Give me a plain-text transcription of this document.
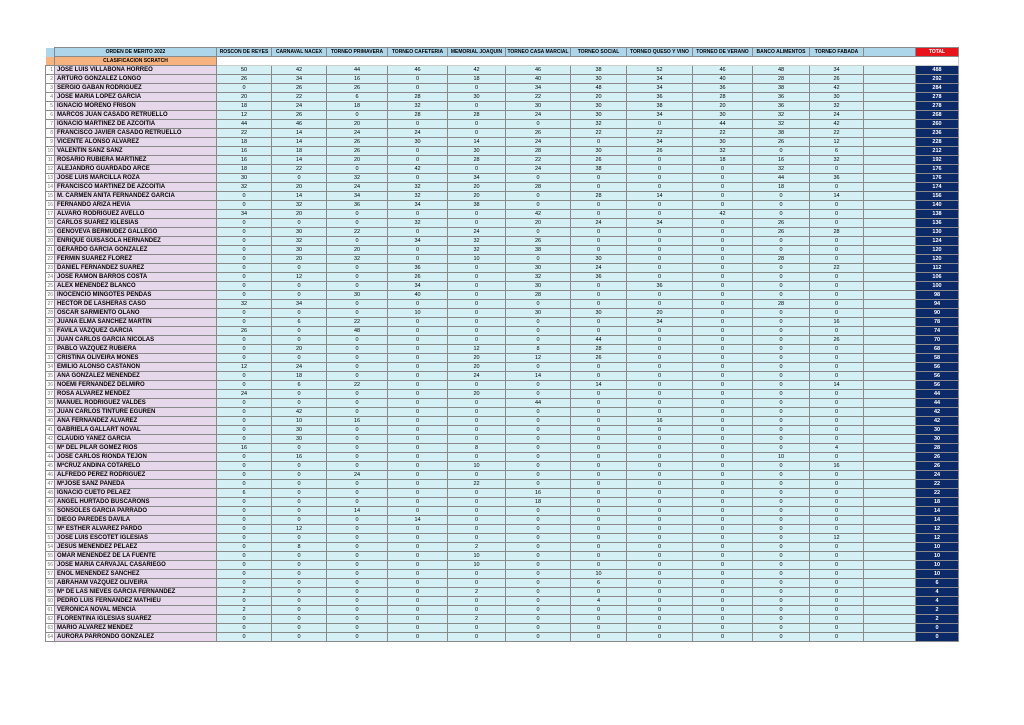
	ORDEN DE MERITO 2022	ROSCON DE REYES	CARNAVAL NACEX	TORNEO PRIMAVERA	TORNEO CAFETERIA	MEMORIAL JOAQUIN	TORNEO CASA MARCIAL	TORNEO SOCIAL	TORNEO QUESO Y VINO	TORNEO DE VERANO	BANCO ALIMENTOS	TORNEO FABADA		TOTAL
	CLASIFICACION SCRATCH													
1	JOSE LUIS VILLABONA HORREO	50	42	44	46	42	46	38	52	46	48	34		488
2	ARTURO GONZALEZ LONGO	26	34	16	0	18	40	30	34	40	28	26		292
3	SERGIO GABAN RODRIGUEZ	0	26	26	0	0	34	48	34	36	38	42		284
4	JOSE MARIA LOPEZ GARCIA	20	22	6	28	30	22	20	36	28	36	30		278
5	IGNACIO MORENO FRISON	18	24	18	32	0	30	30	38	20	36	32		278
6	MARCOS JUAN CASADO RETRUELLO	12	26	0	28	28	24	30	34	30	32	24		268
7	IGNACIO MARTINEZ DE AZCOITIA	44	46	20	0	0	0	32	0	44	32	42		260
8	FRANCISCO JAVIER CASADO RETRUELLO	22	14	24	24	0	26	22	22	22	38	22		236
9	VICENTE ALONSO ALVAREZ	18	14	26	30	14	24	0	34	30	26	12		228
10	VALENTIN SANZ SANZ	16	18	26	0	30	28	30	26	32	0	6		212
11	ROSARIO RUBIERA MARTINEZ	16	14	20	0	28	22	26	0	18	16	32		192
12	ALEJANDRO GUARDADO ARCE	18	22	0	42	0	24	38	0	0	32	0		176
13	JOSE LUIS MARCILLA ROZA	30	0	32	0	34	0	0	0	0	44	36		176
14	FRANCISCO MARTINEZ DE AZCOITIA	32	20	24	32	20	28	0	0	0	18	0		174
15	M. CARMEN ANITA FERNANDEZ GARCIA	0	14	34	32	20	0	28	14	0	0	14		156
16	FERNANDO ARIZA HEVIA	0	32	36	34	38	0	0	0	0	0	0		140
17	ALVARO RODRIGUEZ AVELLO	34	20	0	0	0	42	0	0	42	0	0		138
18	CARLOS SUAREZ IGLESIAS	0	0	0	32	0	20	24	34	0	26	0		136
19	GENOVEVA BERMUDEZ GALLEGO	0	30	22	0	24	0	0	0	0	26	28		130
20	ENRIQUE GUISASOLA HERNANDEZ	0	32	0	34	32	26	0	0	0	0	0		124
21	GERARDO GARCIA GONZALEZ	0	30	20	0	32	38	0	0	0	0	0		120
22	FERMIN SUAREZ FLOREZ	0	20	32	0	10	0	30	0	0	28	0		120
23	DANIEL FERNANDEZ SUAREZ	0	0	0	36	0	30	24	0	0	0	22		112
24	JOSE RAMON BARROS COSTA	0	12	0	26	0	32	36	0	0	0	0		106
25	ALEX MENENDEZ BLANCO	0	0	0	34	0	30	0	36	0	0	0		100
26	INOCENCIO MINGOTES PENDAS	0	0	30	40	0	28	0	0	0	0	0		98
27	HECTOR DE LASHERAS CASO	32	34	0	0	0	0	0	0	0	28	0		94
28	OSCAR SARMIENTO OLANO	0	0	0	10	0	30	30	20	0	0	0		90
29	JUANA ELMA SANCHEZ MARTIN	0	6	22	0	0	0	0	34	0	0	16		78
30	FAVILA VAZQUEZ GARCIA	26	0	48	0	0	0	0	0	0	0	0		74
31	JUAN CARLOS GARCIA NICOLAS	0	0	0	0	0	0	44	0	0	0	26		70
32	PABLO VAZQUEZ RUBIERA	0	20	0	0	12	8	28	0	0	0	0		68
33	CRISTINA OLIVEIRA MONES	0	0	0	0	20	12	26	0	0	0	0		58
34	EMILIO ALONSO CASTAÑON	12	24	0	0	20	0	0	0	0	0	0		56
35	ANA GONZALEZ MENENDEZ	0	18	0	0	24	14	0	0	0	0	0		56
36	NOEMI FERNANDEZ DELMIRO	0	6	22	0	0	0	14	0	0	0	14		56
37	ROSA ALVAREZ MENDEZ	24	0	0	0	20	0	0	0	0	0	0		44
38	MANUEL RODRIGUEZ VALDES	0	0	0	0	0	44	0	0	0	0	0		44
39	JUAN CARLOS TINTURE EGUREN	0	42	0	0	0	0	0	0	0	0	0		42
40	ANA FERNANDEZ ALVAREZ	0	10	16	0	0	0	0	16	0	0	0		42
41	GABRIELA GALLART NOVAL	0	30	0	0	0	0	0	0	0	0	0		30
42	CLAUDIO YAÑEZ GARCIA	0	30	0	0	0	0	0	0	0	0	0		30
43	Mª DEL PILAR GOMEZ RIOS	16	0	0	0	8	0	0	0	0	0	4		28
44	JOSE CARLOS RIONDA TEJON	0	16	0	0	0	0	0	0	0	10	0		26
45	MªCRUZ ANDINA COTARELO	0	0	0	0	10	0	0	0	0	0	16		26
46	ALFREDO PEREZ RODRIGUEZ	0	0	24	0	0	0	0	0	0	0	0		24
47	MªJOSE SANZ PAÑEDA	0	0	0	0	22	0	0	0	0	0	0		22
48	IGNACIO CUETO PELAEZ	6	0	0	0	0	16	0	0	0	0	0		22
49	ANGEL HURTADO BUSCARONS	0	0	0	0	0	18	0	0	0	0	0		18
50	SONSOLES GARCIA PARRADO	0	0	14	0	0	0	0	0	0	0	0		14
51	DIEGO PAREDES DAVILA	0	0	0	14	0	0	0	0	0	0	0		14
52	Mª ESTHER ALVAREZ PARDO	0	12	0	0	0	0	0	0	0	0	0		12
53	JOSE LUIS ESCOTET IGLESIAS	0	0	0	0	0	0	0	0	0	0	12		12
54	JESUS MENENDEZ PELAEZ	0	8	0	0	2	0	0	0	0	0	0		10
55	OMAR MENENDEZ DE LA FUENTE	0	0	0	0	10	0	0	0	0	0	0		10
56	JOSE MARIA CARVAJAL CASARIEGO	0	0	0	0	10	0	0	0	0	0	0		10
57	ENOL MENENDEZ SANCHEZ	0	0	0	0	0	0	10	0	0	0	0		10
58	ABRAHAM VAZQUEZ OLIVEIRA	0	0	0	0	0	0	6	0	0	0	0		6
59	Mª DE LAS NIEVES GARCIA FERNANDEZ	2	0	0	0	2	0	0	0	0	0	0		4
60	PEDRO LUIS FERNANDEZ MATHIEU	0	0	0	0	0	0	4	0	0	0	0		4
61	VERONICA NOVAL MENCIA	2	0	0	0	0	0	0	0	0	0	0		2
62	FLORENTINA IGLESIAS SUAREZ	0	0	0	0	2	0	0	0	0	0	0		2
63	MARIO ALVAREZ MENDEZ	0	0	0	0	0	0	0	0	0	0	0		0
64	AURORA PARRONDO GONZALEZ	0	0	0	0	0	0	0	0	0	0	0		0
